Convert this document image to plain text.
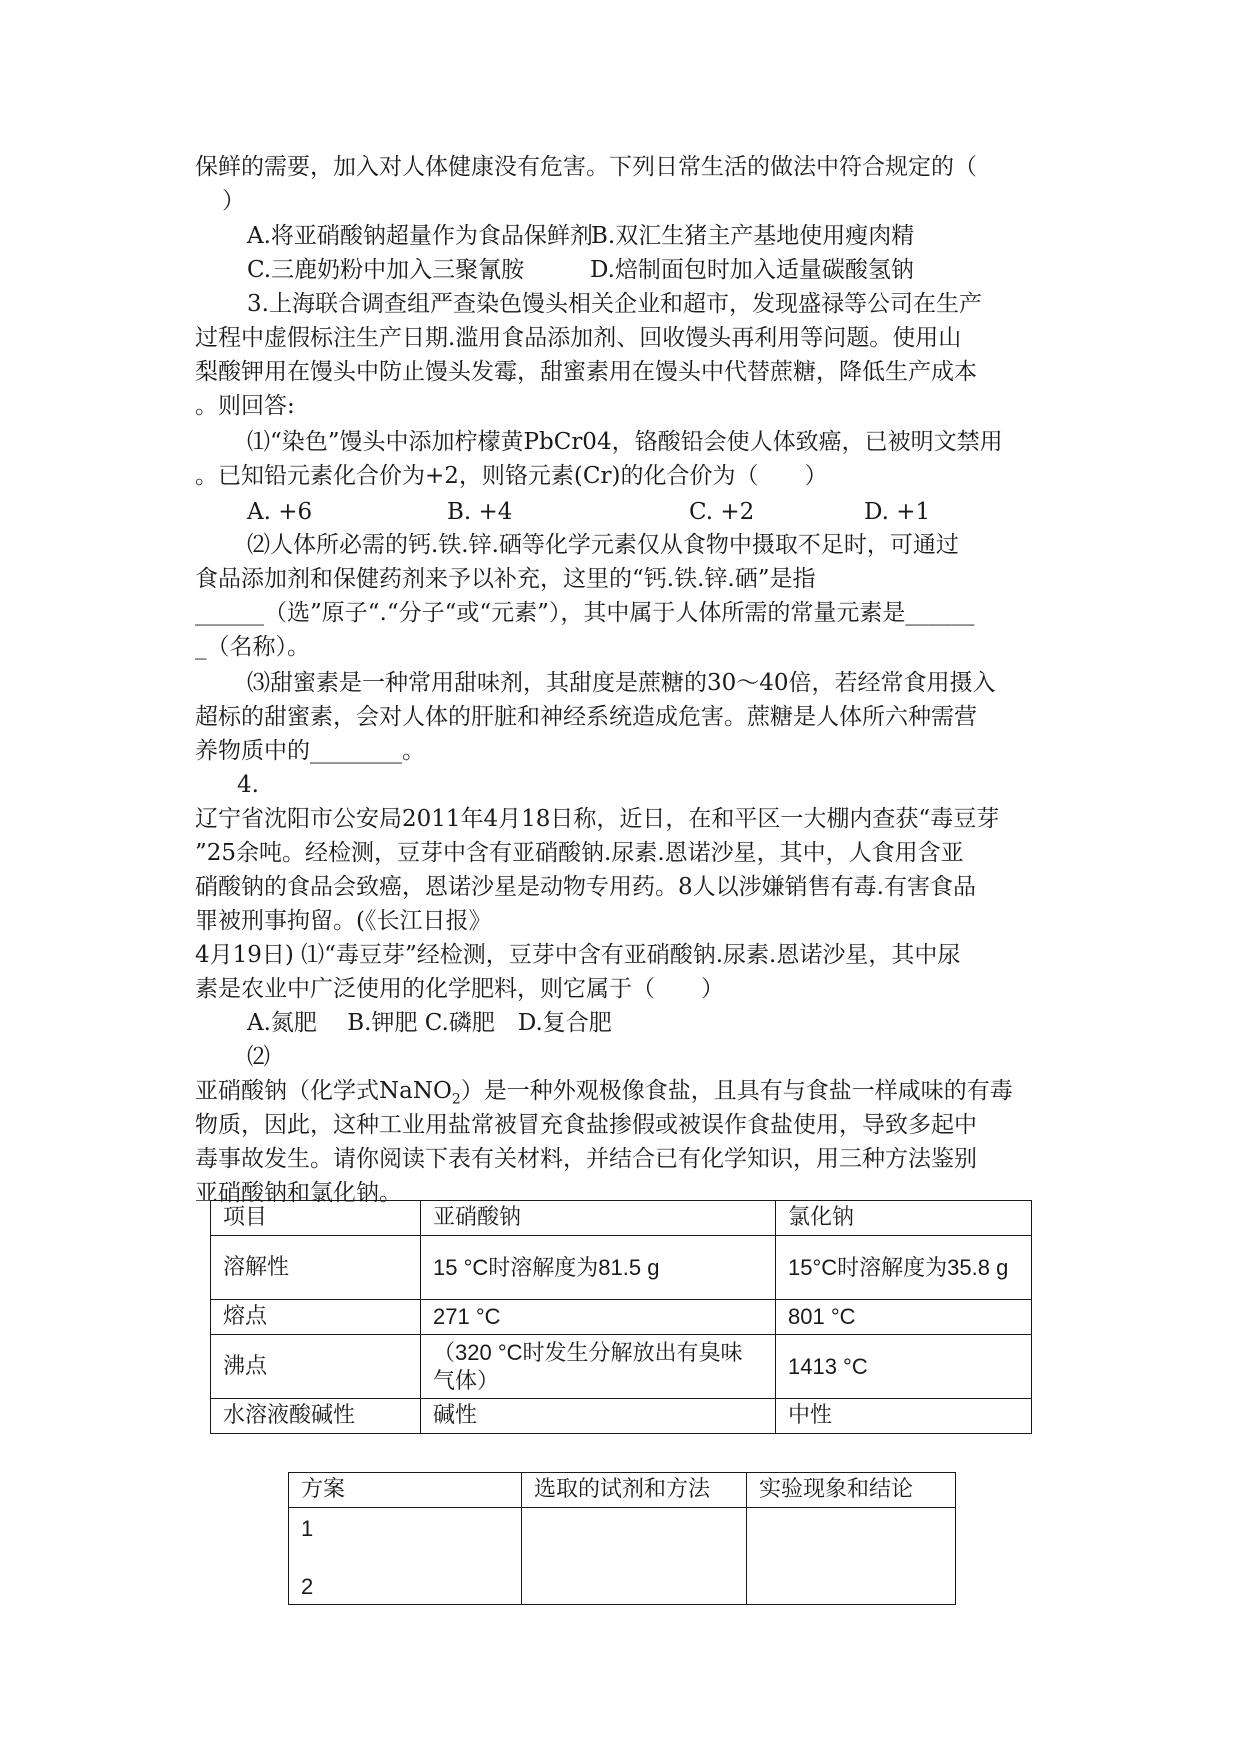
保鲜的需要，加入对人体健康没有危害。下列日常生活的做法中符合规定的（
）
A.将亚硝酸钠超量作为食品保鲜剂
B.双汇生猪主产基地使用瘦肉精
C.三鹿奶粉中加入三聚氰胺	D.焙制面包时加入适量碳酸氢钠
3.上海联合调查组严查染色馒头相关企业和超市，发现盛禄等公司在生产
过程中虚假标注生产日期.滥用食品添加剂、回收馒头再利用等问题。使用山
梨酸钾用在馒头中防止馒头发霉，甜蜜素用在馒头中代替蔗糖，降低生产成本
。则回答:
⑴“染色”馒头中添加柠檬黄PbCr04，铬酸铅会使人体致癌，已被明文禁用
。已知铅元素化合价为+2，则铬元素(Cr)的化合价为（　　）
A. +6	B. +4	C. +2	D. +1
⑵人体所必需的钙.铁.锌.硒等化学元素仅从食物中摄取不足时，可通过
食品添加剂和保健药剂来予以补充，这里的“钙.铁.锌.硒”是指
______（选”原子“.“分子“或“元素”），其中属于人体所需的常量元素是______
_（名称）。
⑶甜蜜素是一种常用甜味剂，其甜度是蔗糖的30～40倍，若经常食用摄入
超标的甜蜜素，会对人体的肝脏和神经系统造成危害。蔗糖是人体所六种需营
养物质中的________。
4.
辽宁省沈阳市公安局2011年4月18日称，近日，在和平区一大棚内查获“毒豆芽
”25余吨。经检测，豆芽中含有亚硝酸钠.尿素.恩诺沙星，其中，人食用含亚
硝酸钠的食品会致癌，恩诺沙星是动物专用药。8人以涉嫌销售有毒.有害食品
罪被刑事拘留。(《长江日报》
4月19日) ⑴“毒豆芽”经检测，豆芽中含有亚硝酸钠.尿素.恩诺沙星，其中尿
素是农业中广泛使用的化学肥料，则它属于（　　）
A.氮肥　 B.钾肥 C.磷肥　D.复合肥
⑵
亚硝酸钠（化学式NaNO$_2$）是一种外观极像食盐，且具有与食盐一样咸味的有毒
物质，因此，这种工业用盐常被冒充食盐掺假或被误作食盐使用，导致多起中
毒事故发生。请你阅读下表有关材料，并结合已有化学知识，用三种方法鉴别
亚硝酸钠和氯化钠。
项目	亚硝酸钠	氯化钠
溶解性	15 °C时溶解度为81.5 g	15°C时溶解度为35.8 g
熔点	271 °C	801 °C
沸点	（320 °C时发生分解放出有臭味气体）	1413 °C
水溶液酸碱性	碱性	中性
方案	选取的试剂和方法	实验现象和结论

1
2		
